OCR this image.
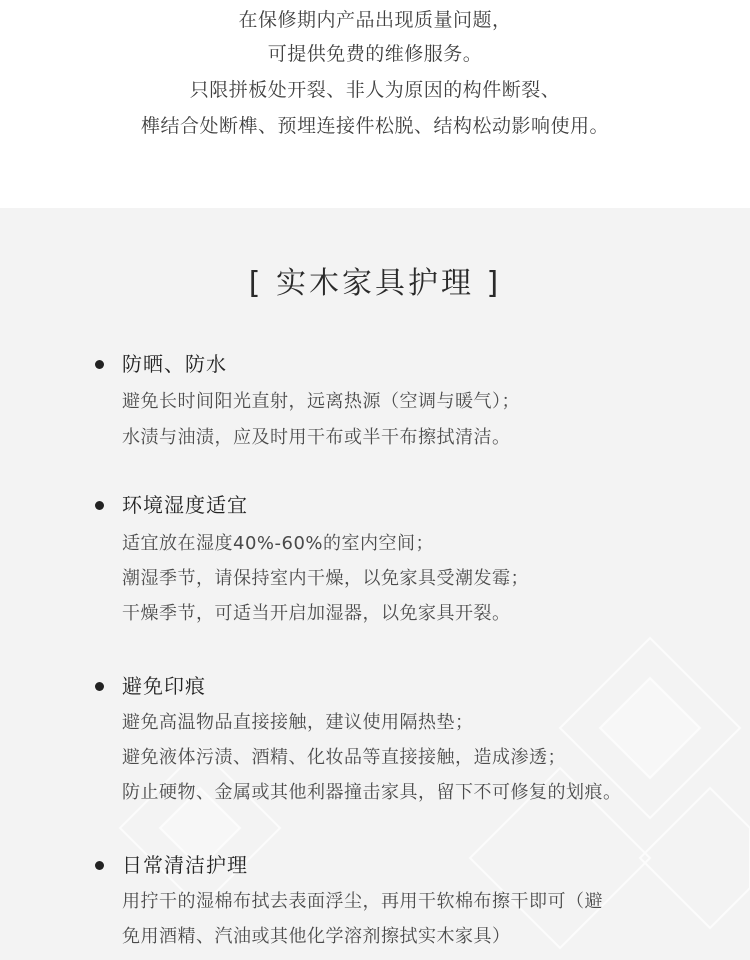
在保修期内产品出现质量问题，
可提供免费的维修服务。
只限拼板处开裂、非人为原因的构件断裂、
榫结合处断榫、预埋连接件松脱、结构松动影响使用。
[ 实木家具护理 ]
防晒、防水
避免长时间阳光直射，远离热源（空调与暖气）；
水渍与油渍，应及时用干布或半干布擦拭清洁。
环境湿度适宜
适宜放在湿度40%-60%的室内空间；
潮湿季节，请保持室内干燥，以免家具受潮发霉；
干燥季节，可适当开启加湿器，以免家具开裂。
避免印痕
避免高温物品直接接触，建议使用隔热垫；
避免液体污渍、酒精、化妆品等直接接触，造成渗透；
防止硬物、金属或其他利器撞击家具，留下不可修复的划痕。
日常清洁护理
用拧干的湿棉布拭去表面浮尘，再用干软棉布擦干即可（避
免用酒精、汽油或其他化学溶剂擦拭实木家具）
